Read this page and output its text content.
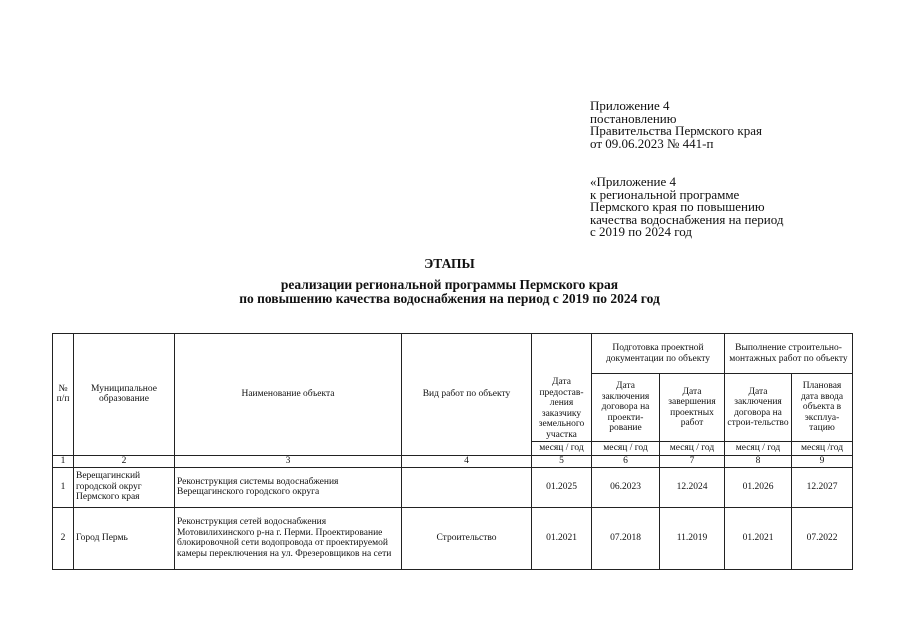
Приложение 4
постановлению
Правительства Пермского края
от 09.06.2023 № 441-п
«Приложение 4
к региональной программе
Пермского края по повышению
качества водоснабжения на период
с 2019 по 2024 год
ЭТАПЫ
реализации региональной программы Пермского края
по повышению качества водоснабжения на период с 2019 по 2024 год
№ п/п	Муниципальное образование	Наименование объекта	Вид работ по объекту	Дата предостав-ления заказчику земельного участка	Подготовка проектной документации по объекту		Выполнение строительно-монтажных работ по объекту	
					Дата заключения договора на проекти-рование	Дата завершения проектных работ	Дата заключения договора на строи-тельство	Плановая дата ввода объекта в эксплуа-тацию
				месяц / год	месяц / год	месяц / год	месяц / год	месяц /год
1	2	3	4	5	6	7	8	9
1	Верещагинский городской округ Пермского края	Реконструкция системы водоснабжения Верещагинского городского округа		01.2025	06.2023	12.2024	01.2026	12.2027
2	Город Пермь	Реконструкция сетей водоснабжения Мотовилихинского р-на г. Перми. Проектирование блокировочной сети водопровода от проектируемой камеры переключения на ул. Фрезеровщиков на сети	Строительство	01.2021	07.2018	11.2019	01.2021	07.2022
